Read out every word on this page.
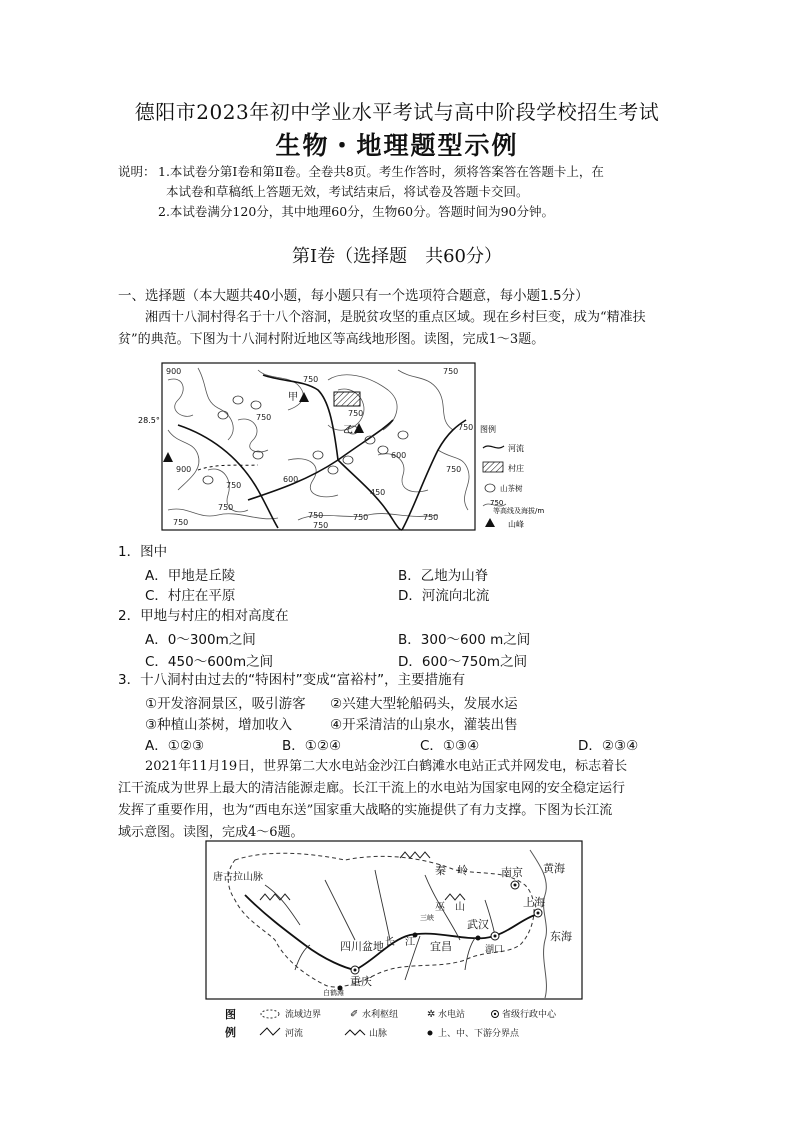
德阳市2023年初中学业水平考试与高中阶段学校招生考试
生物・地理题型示例
说明： 1.本试卷分第Ⅰ卷和第Ⅱ卷。全卷共8页。考生作答时，须将答案答在答题卡上，在
本试卷和草稿纸上答题无效，考试结束后，将试卷及答题卡交回。
2.本试卷满分120分，其中地理60分，生物60分。答题时间为90分钟。
第Ⅰ卷（选择题　共60分）
一、选择题（本大题共40小题，每小题只有一个选项符合题意，每小题1.5分）
湘西十八洞村得名于十八个溶洞，是脱贫攻坚的重点区域。现在乡村巨变，成为“精准扶
贫”的典范。下图为十八洞村附近地区等高线地形图。读图，完成1～3题。
甲
乙
28.5°
900
750
750
750	750
750
600
600
900
750
450
750
750
750
750	750	750
750
图例
河流
村庄
山茶树
750
等高线及海拔/m
山峰
1．图中
A．甲地是丘陵	B．乙地为山脊
C．村庄在平原	D．河流向北流
2．甲地与村庄的相对高度在
A．0～300m之间	B．300～600 m之间
C．450～600m之间	D．600～750m之间
3．十八洞村由过去的“特困村”变成“富裕村”，主要措施有
①开发溶洞景区，吸引游客 ②兴建大型轮船码头，发展水运
③种植山茶树，增加收入	④开采清洁的山泉水，灌装出售
A．①②③	B．①②④	C．①③④	D．②③④
2021年11月19日，世界第二大水电站金沙江白鹤滩水电站正式并网发电，标志着长
江干流成为世界上最大的清洁能源走廊。长江干流上的水电站为国家电网的安全稳定运行
发挥了重要作用，也为“西电东送”国家重大战略的实施提供了有力支撑。下图为长江流
域示意图。读图，完成4～6题。
秦　岭
唐古拉山脉	南京 黄海
上海
东海
四川盆地
重庆
武汉
宜昌	湖口
三峡
白鹤滩
长　江
巫　山
图
例
流域边界	✐ 水利枢纽	✲ 水电站	省级行政中心
河流	山脉	上、中、下游分界点
